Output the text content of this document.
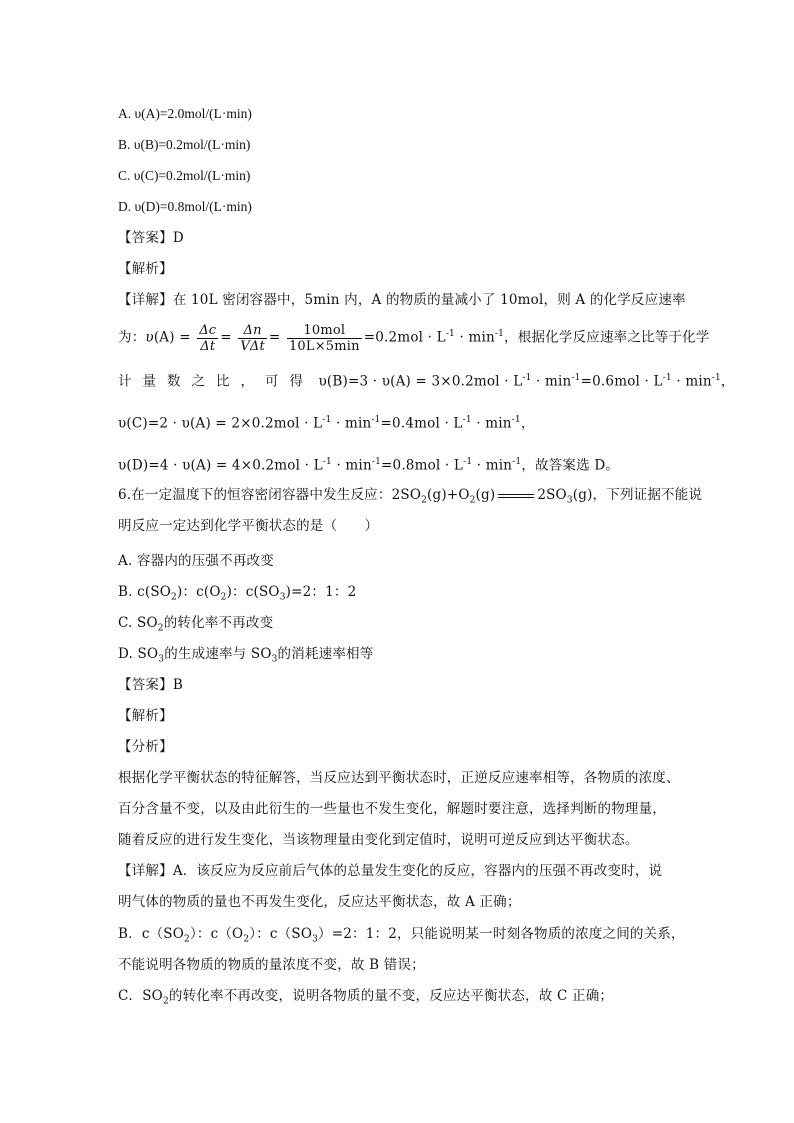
A. υ(A)=2.0mol/(L·min)
B. υ(B)=0.2mol/(L·min)
C. υ(C)=0.2mol/(L·min)
D. υ(D)=0.8mol/(L·min)
【答案】D
【解析】
【详解】在 10L 密闭容器中，5min 内，A 的物质的量减小了 10mol，则 A 的化学反应速率
为：$\upsilon(A) = \frac{\Delta c}{\Delta t} = \frac{\Delta n}{\text{VΔt}} = \frac{\text{10mol}}{10L\times 5\min} =0.2mol \cdot L^{-1} \cdot \min^{-1}$，根据化学反应速率之比等于化学
计量数之比，可得 $\upsilon(B)=3 \cdot \upsilon(A) = 3\times 0.2mol \cdot L^{-1} \cdot \min^{-1}=0.6mol \cdot L^{-1} \cdot \min^{-1}$，
$\upsilon(C)=2 \cdot \upsilon(A) = 2\times 0.2mol \cdot L^{-1} \cdot \min^{-1}=0.4mol \cdot L^{-1} \cdot \min^{-1}$，
$\upsilon(D)=4 \cdot \upsilon(A) = 4\times 0.2mol \cdot L^{-1} \cdot \min^{-1}=0.8mol \cdot L^{-1} \cdot \min^{-1}$，故答案选 D。
6.在一定温度下的恒容密闭容器中发生反应：$2SO_2(g)+O_2(g)$	$2SO_3(g)$，下列证据不能说
明反应一定达到化学平衡状态的是（　　）
A. 容器内的压强不再改变
B. $c(SO_2)$：$c(O_2)$：$c(SO_3)=2$：1：2
C. $SO_2$的转化率不再改变
D. $SO_3$的生成速率与 $SO_3$的消耗速率相等
【答案】B
【解析】
【分析】
根据化学平衡状态的特征解答，当反应达到平衡状态时，正逆反应速率相等，各物质的浓度、
百分含量不变，以及由此衍生的一些量也不发生变化，解题时要注意，选择判断的物理量，
随着反应的进行发生变化，当该物理量由变化到定值时，说明可逆反应到达平衡状态。
【详解】A．该反应为反应前后气体的总量发生变化的反应，容器内的压强不再改变时，说
明气体的物质的量也不再发生变化，反应达平衡状态，故 A 正确；
B．$c(SO_2)$：$c(O_2)$：$c(SO_3)=2$：1：2，只能说明某一时刻各物质的浓度之间的关系，
不能说明各物质的物质的量浓度不变，故 B 错误；
C．$SO_2$的转化率不再改变，说明各物质的量不变，反应达平衡状态，故 C 正确；
